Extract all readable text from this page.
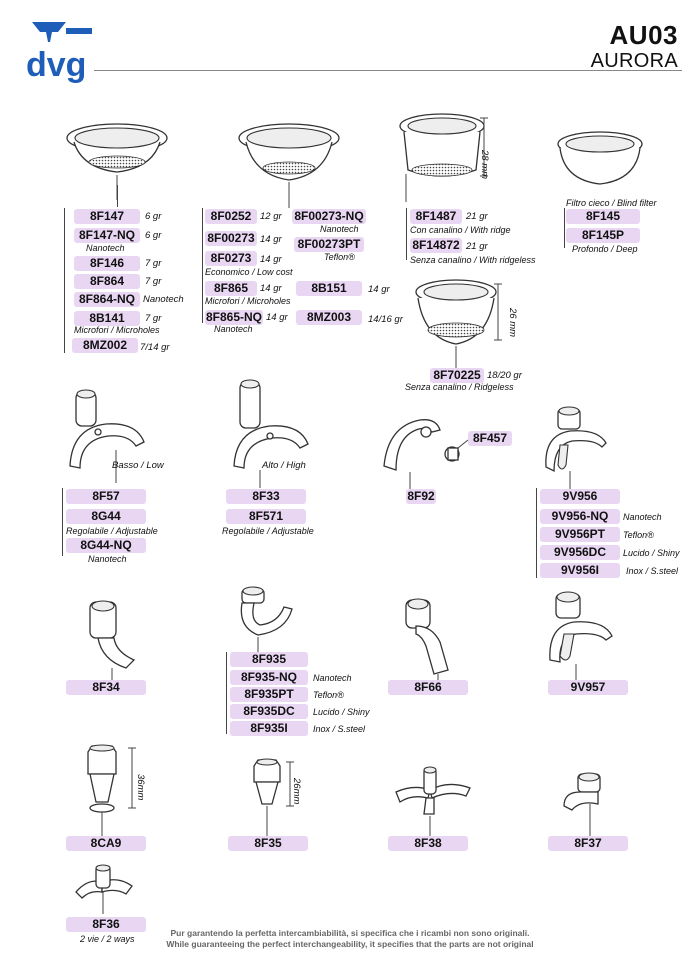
dvg
AU03
AURORA
8F147	6 gr
8F147-NQ	6 gr
Nanotech
8F146	7 gr
8F864	7 gr
8F864-NQ Nanotech
8B141	7 gr
Microfori / Microholes
8MZ002	7/14 gr
8F0252 12 gr
8F00273 14 gr
8F0273 14 gr
Economico / Low cost
8F865	14 gr
Microfori / Microholes
8F865-NQ 14 gr
Nanotech
8F00273-NQ
Nanotech
8F00273PT
Teflon®
8B151	14 gr
8MZ003	14/16 gr
28 mm
8F1487	21 gr
Con canalino / With ridge
8F14872 21 gr
Senza canalino / With ridgeless
Filtro cieco / Blind filter
8F145
8F145P
Profondo / Deep
26 mm
8F70225 18/20 gr
Senza canalino / Ridgeless
Basso / Low
8F57
8G44
Regolabile / Adjustable
8G44-NQ
Nanotech
Alto / High
8F33
8F571
Regolabile / Adjustable
8F92
8F457
9V956
9V956-NQ	Nanotech
9V956PT	Teflon®
9V956DC	Lucido / Shiny
9V956I	Inox / S.steel
8F34
8F935
8F935-NQ	Nanotech
8F935PT	Teflon®
8F935DC	Lucido / Shiny
8F935I	Inox / S.steel
8F66	9V957
36mm
8CA9
26mm
8F35	8F38	8F37
8F36
2 vie / 2 ways
Pur garantendo la perfetta intercambiabilità, si specifica che i ricambi non sono originali.
While guaranteeing the perfect interchangeability, it specifies that the parts are not original
